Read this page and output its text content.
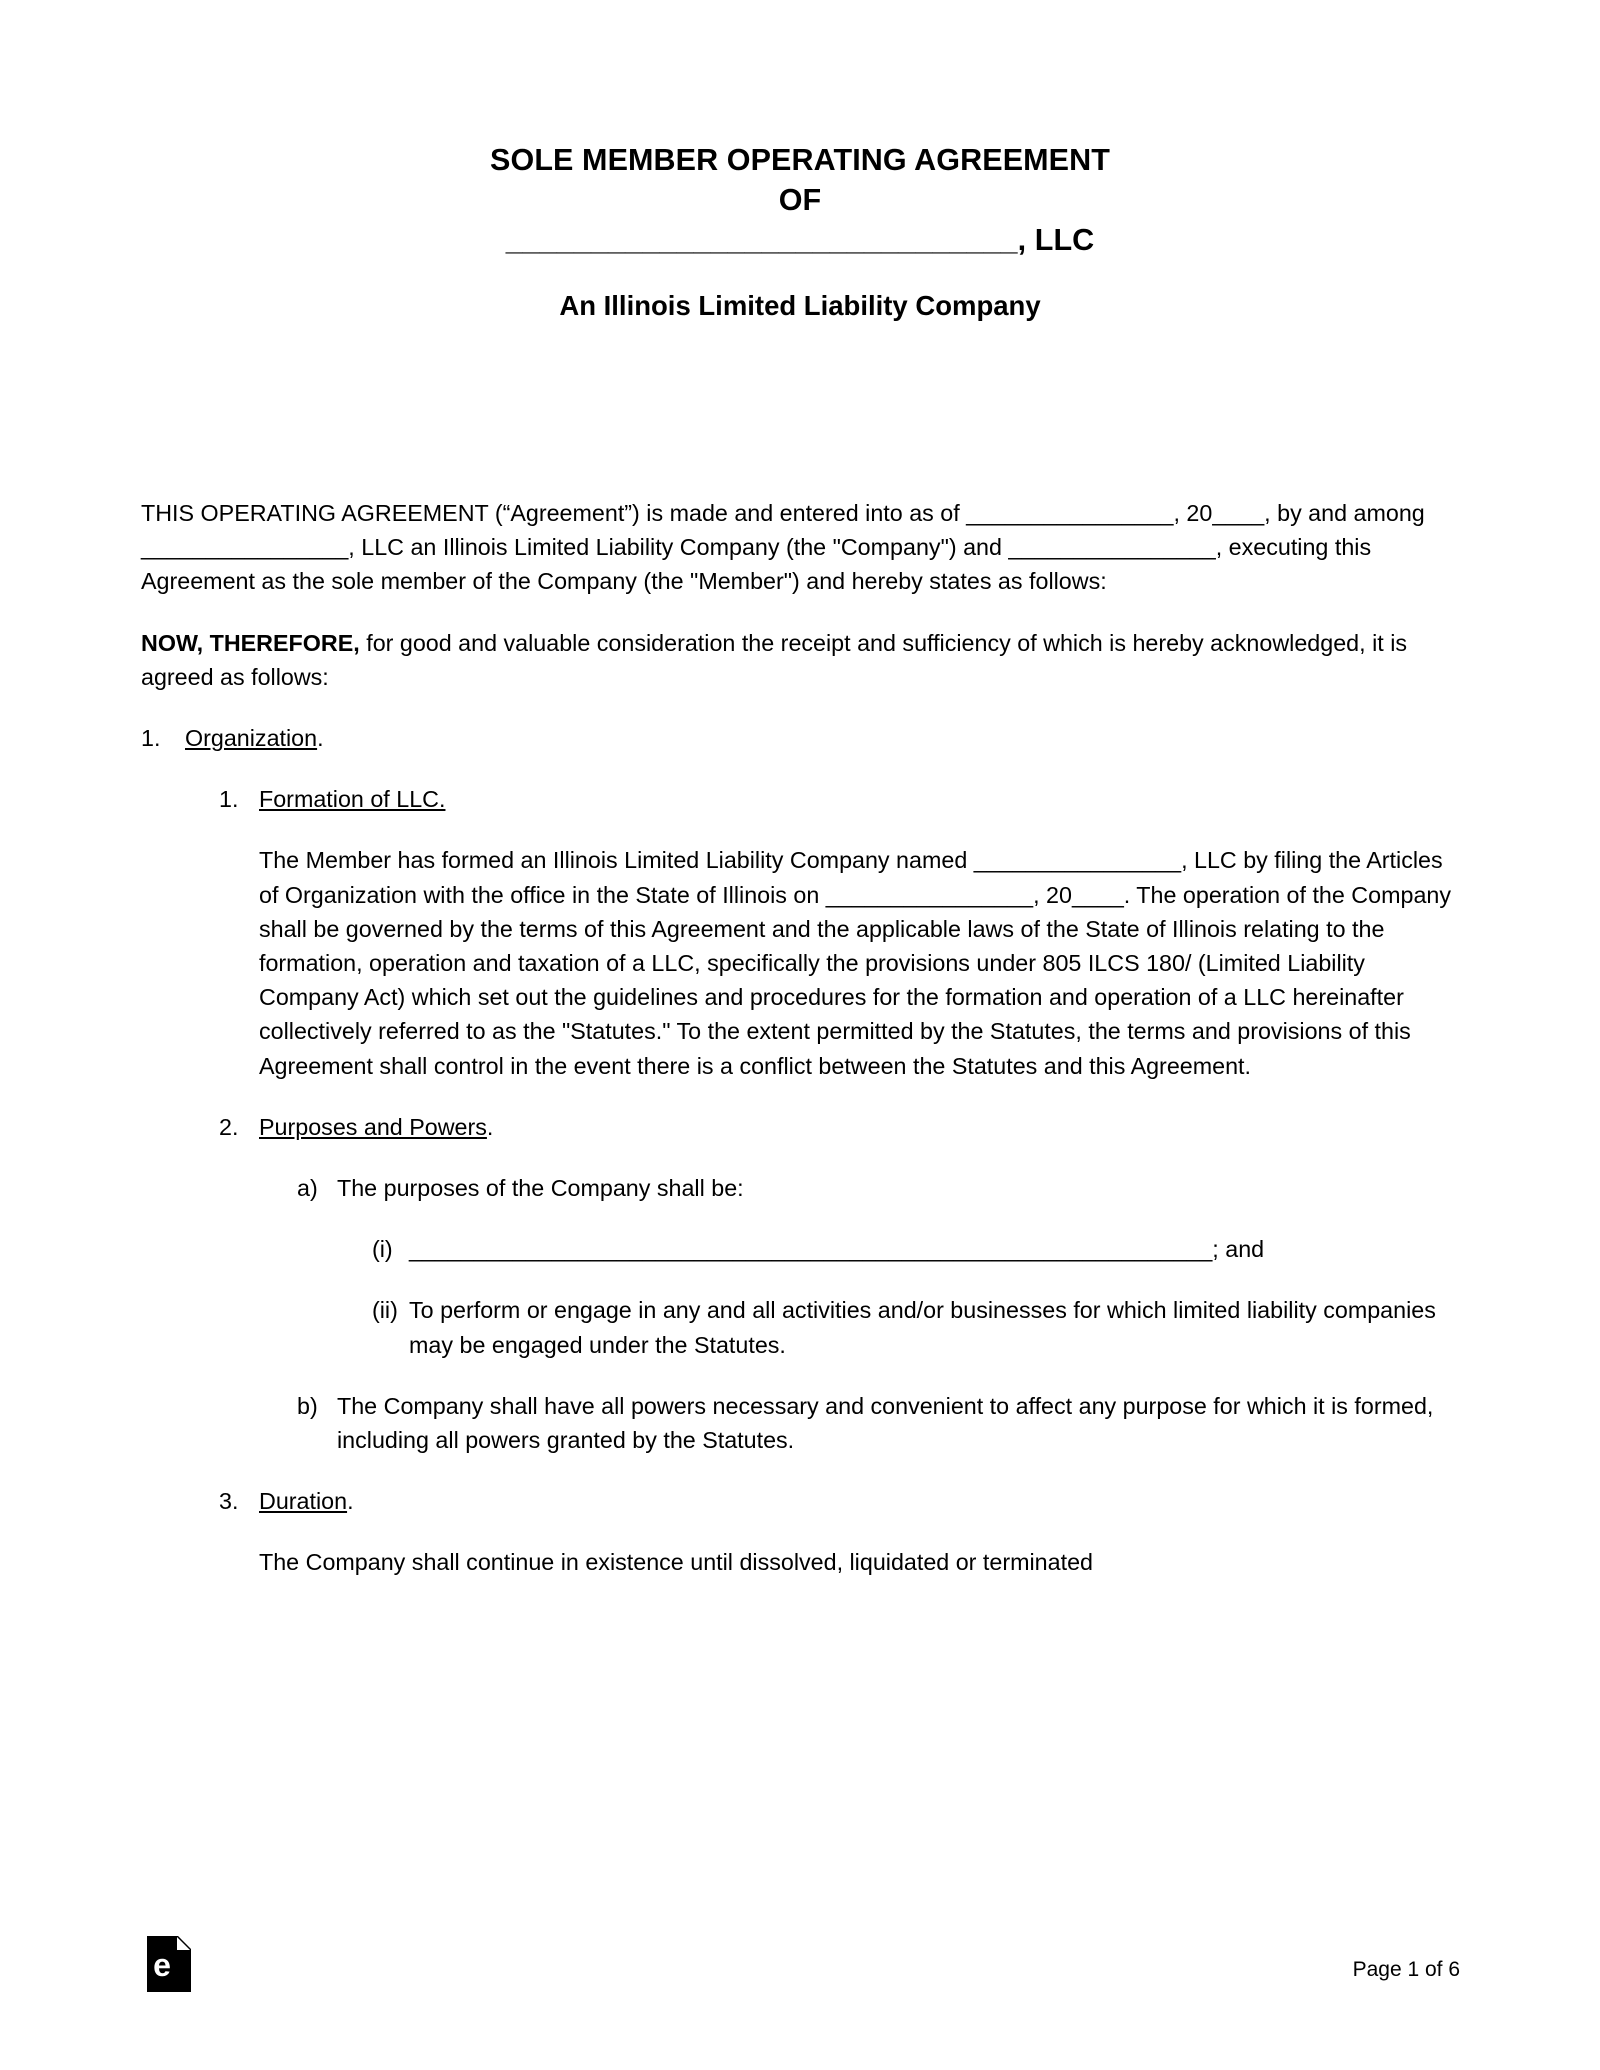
SOLE MEMBER OPERATING AGREEMENT
OF
______________________________, LLC
An Illinois Limited Liability Company

THIS OPERATING AGREEMENT (“Agreement”) is made and entered into as of ________________, 20____, by and among ________________, LLC an Illinois Limited Liability Company (the "Company") and ________________, executing this Agreement as the sole member of the Company (the "Member") and hereby states as follows:

NOW, THEREFORE, for good and valuable consideration the receipt and sufficiency of which is hereby acknowledged, it is agreed as follows:

1.	Organization.
1. Formation of LLC.
The Member has formed an Illinois Limited Liability Company named ________________, LLC by filing the Articles of Organization with the office in the State of Illinois on ________________, 20____. The operation of the Company shall be governed by the terms of this Agreement and the applicable laws of the State of Illinois relating to the formation, operation and taxation of a LLC, specifically the provisions under 805 ILCS 180/ (Limited Liability Company Act) which set out the guidelines and procedures for the formation and operation of a LLC hereinafter collectively referred to as the "Statutes." To the extent permitted by the Statutes, the terms and provisions of this Agreement shall control in the event there is a conflict between the Statutes and this Agreement.
2. Purposes and Powers.
a) The purposes of the Company shall be:
(i) ______________________________________________________________; and
(ii) To perform or engage in any and all activities and/or businesses for which limited liability companies may be engaged under the Statutes.
b) The Company shall have all powers necessary and convenient to affect any purpose for which it is formed, including all powers granted by the Statutes.
3. Duration.
The Company shall continue in existence until dissolved, liquidated or terminated
e	Page 1 of 6
